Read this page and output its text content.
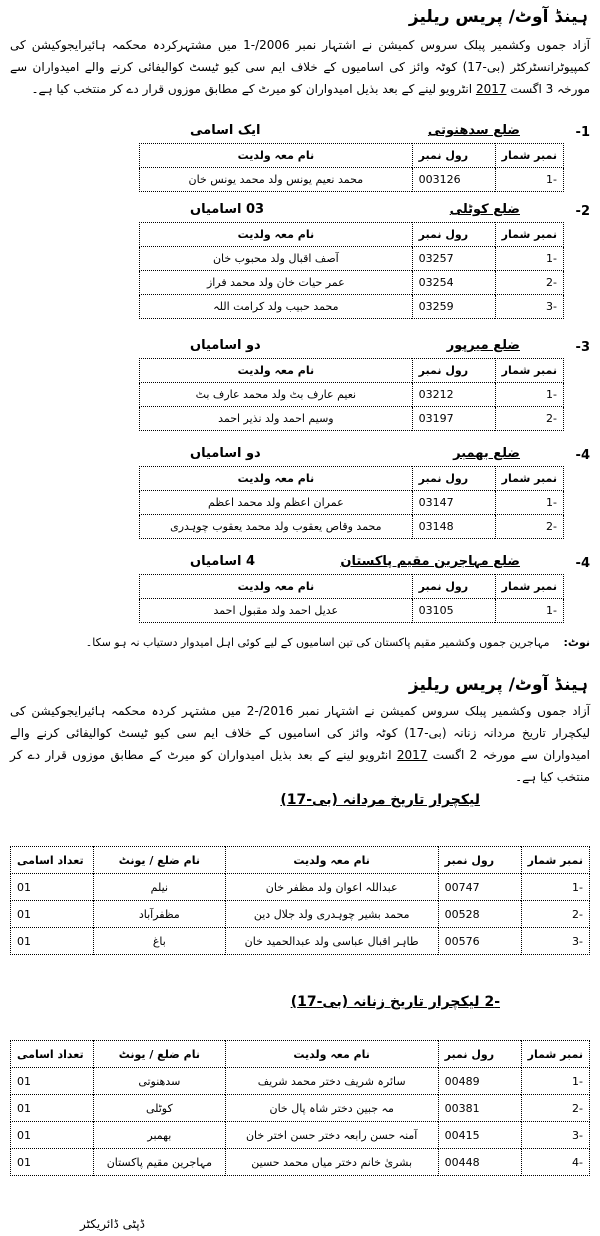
ہینڈ آوٹ/ پریس ریلیز
آزاد جموں وکشمیر پبلک سروس کمیشن نے اشتہار نمبر 2006/-1 میں مشتہرکردہ محکمہ ہائیرایجوکیشن کی کمپیوٹرانسٹرکٹر (بی-17) کوٹہ وائز کی اسامیوں کے خلاف ایم سی کیو ٹیسٹ کوالیفائی کرنے والے امیدواران سے مورخہ 3 اگست 2017 انٹرویو لینے کے بعد بذیل امیدواران کو میرٹ کے مطابق موزوں قرار دے کر منتخب کیا ہے۔
-1
ضلع سدھنوتی
ایک اسامی
نمبر شمار	رول نمبر	نام معہ ولدیت
-1	003126	محمد نعیم یونس ولد محمد یونس خان
-2
ضلع کوٹلی
03 اسامیاں
نمبر شمار	رول نمبر	نام معہ ولدیت
-1	03257	آصف اقبال ولد محبوب خان
-2	03254	عمر حیات خان ولد محمد فراز
-3	03259	محمد حبیب ولد کرامت اللہ
-3
ضلع میرپور
دو اسامیاں
نمبر شمار	رول نمبر	نام معہ ولدیت
-1	03212	نعیم عارف بٹ ولد محمد عارف بٹ
-2	03197	وسیم احمد ولد نذیر احمد
-4
ضلع بھمبر
دو اسامیاں
نمبر شمار	رول نمبر	نام معہ ولدیت
-1	03147	عمران اعظم ولد محمد اعظم
-2	03148	محمد وقاص یعقوب ولد محمد یعقوب چوہدری
-4
ضلع مہاجرین مقیم پاکستان
4 اسامیاں
نمبر شمار	رول نمبر	نام معہ ولدیت
-1	03105	عدیل احمد ولد مقبول احمد
نوٹ:مہاجرین جموں وکشمیر مقیم پاکستان کی تین اسامیوں کے لیے کوئی اہل امیدوار دستیاب نہ ہو سکا۔
ہینڈ آوٹ/ پریس ریلیز
آزاد جموں وکشمیر پبلک سروس کمیشن نے اشتہار نمبر 2016/-2 میں مشتہر کردہ محکمہ ہائیرایجوکیشن کی لیکچرار تاریخ مردانہ زنانہ (بی-17) کوٹہ وائز کی اسامیوں کے خلاف ایم سی کیو ٹیسٹ کوالیفائی کرنے والے امیدواران سے مورخہ 2 اگست 2017 انٹرویو لینے کے بعد بذیل امیدواران کو میرٹ کے مطابق موزوں قرار دے کر منتخب کیا ہے۔
لیکچرار تاریخ مردانہ (بی-17)
نمبر شمار	رول نمبر	نام معہ ولدیت	نام ضلع / یونٹ	تعداد اسامی
-1	00747	عبداللہ اعوان ولد مظفر خان	نیلم	01
-2	00528	محمد بشیر چوہدری ولد جلال دین	مظفرآباد	01
-3	00576	طاہر اقبال عباسی ولد عبدالحمید خان	باغ	01
-2 لیکچرار تاریخ زنانہ (بی-17)
نمبر شمار	رول نمبر	نام معہ ولدیت	نام ضلع / یونٹ	تعداد اسامی
-1	00489	سائرہ شریف دختر محمد شریف	سدھنوتی	01
-2	00381	مہ جبین دختر شاہ پال خان	کوٹلی	01
-3	00415	آمنہ حسن رابعہ دختر حسن اختر خان	بھمبر	01
-4	00448	بشریٰ خانم دختر میاں محمد حسین	مہاجرین مقیم پاکستان	01
ڈپٹی ڈائریکٹر
